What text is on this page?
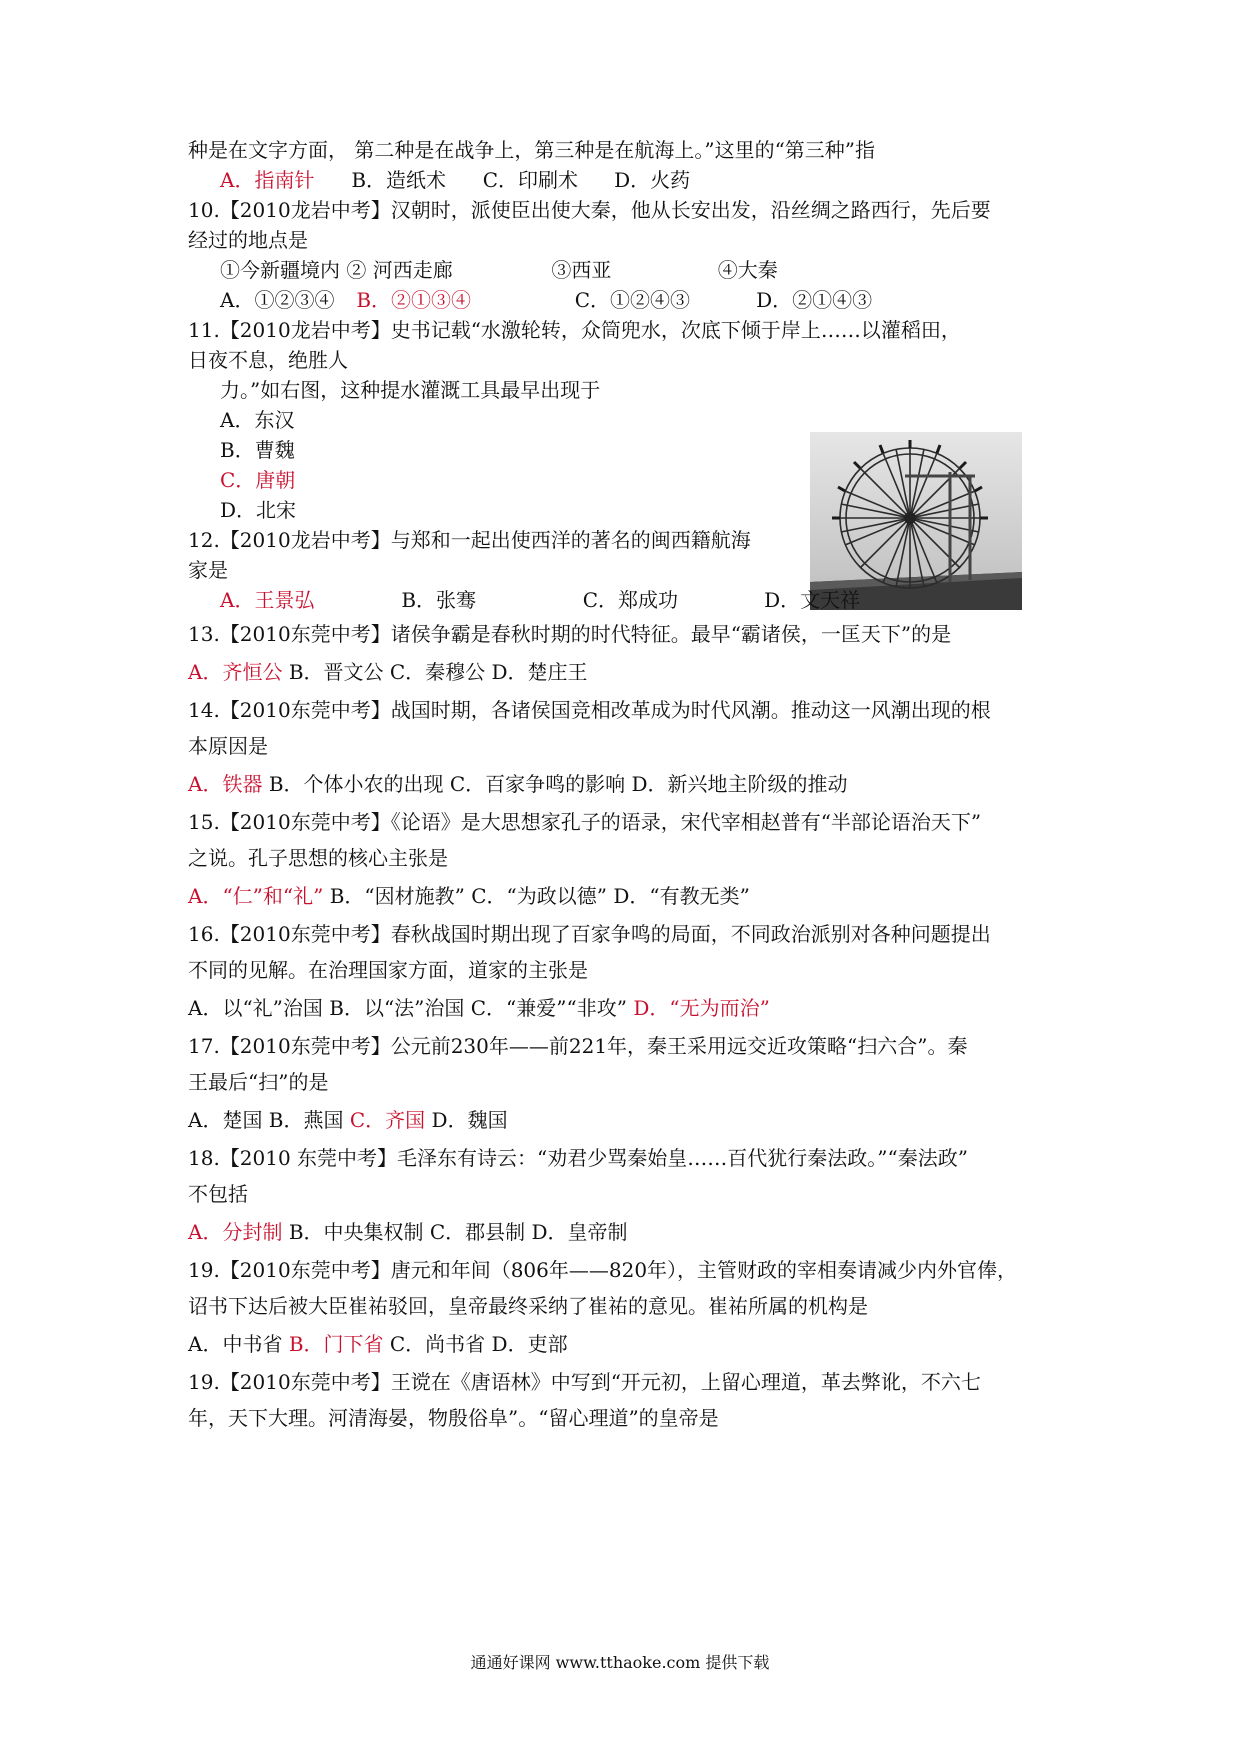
种是在文字方面， 第二种是在战争上，第三种是在航海上。”这里的“第三种”指
A．指南针 B．造纸术 C．印刷术 D．火药
10.【2010龙岩中考】汉朝时，派使臣出使大秦，他从长安出发，沿丝绸之路西行，先后要
经过的地点是
①今新疆境内 ② 河西走廊	③西亚	④大秦
A．①②③④ B．②①③④	C．①②④③	D．②①④③
11.【2010龙岩中考】史书记载“水激轮转，众筒兜水，次底下倾于岸上……以灌稻田，
日夜不息，绝胜人
力。”如右图，这种提水灌溉工具最早出现于
A．东汉
B．曹魏
C．唐朝
D．北宋
12.【2010龙岩中考】与郑和一起出使西洋的著名的闽西籍航海
家是
A．王景弘	B．张骞	C．郑成功	D．文天祥
13.【2010东莞中考】诸侯争霸是春秋时期的时代特征。最早“霸诸侯，一匡天下”的是
A．齐恒公 B．晋文公 C．秦穆公 D．楚庄王
14.【2010东莞中考】战国时期，各诸侯国竞相改革成为时代风潮。推动这一风潮出现的根
本原因是
A．铁器 B．个体小农的出现 C．百家争鸣的影响 D．新兴地主阶级的推动
15.【2010东莞中考】《论语》是大思想家孔子的语录，宋代宰相赵普有“半部论语治天下”
之说。孔子思想的核心主张是
A．“仁”和“礼” B．“因材施教” C．“为政以德” D．“有教无类”
16.【2010东莞中考】春秋战国时期出现了百家争鸣的局面，不同政治派别对各种问题提出
不同的见解。在治理国家方面，道家的主张是
A．以“礼”治国 B．以“法”治国 C．“兼爱”“非攻” D．“无为而治”
17.【2010东莞中考】公元前230年——前221年，秦王采用远交近攻策略“扫六合”。秦
王最后“扫”的是
A．楚国 B．燕国 C．齐国 D．魏国
18.【2010 东莞中考】毛泽东有诗云：“劝君少骂秦始皇……百代犹行秦法政。”“秦法政”
不包括
A．分封制 B．中央集权制 C．郡县制 D．皇帝制
19.【2010东莞中考】唐元和年间（806年——820年），主管财政的宰相奏请减少内外官俸，
诏书下达后被大臣崔祐驳回，皇帝最终采纳了崔祐的意见。崔祐所属的机构是
A．中书省 B．门下省 C．尚书省 D．吏部
19.【2010东莞中考】王谠在《唐语林》中写到“开元初，上留心理道，革去弊讹，不六七
年，天下大理。河清海晏，物殷俗阜”。“留心理道”的皇帝是
通通好课网 www.tthaoke.com 提供下载
